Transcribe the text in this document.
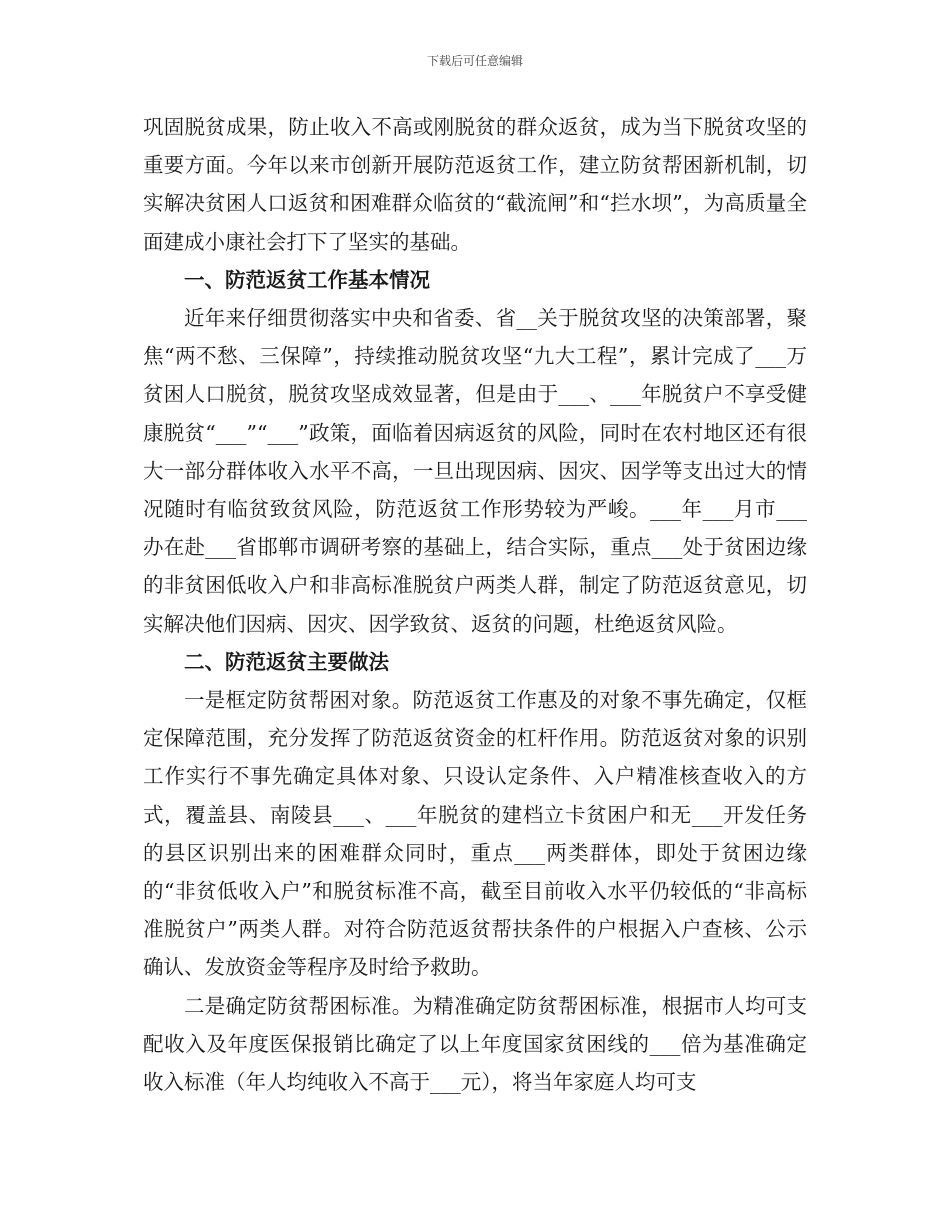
下载后可任意编辑

巩固脱贫成果，防止收入不高或刚脱贫的群众返贫，成为当下脱贫攻坚的重要方面。今年以来市创新开展防范返贫工作，建立防贫帮困新机制，切实解决贫困人口返贫和困难群众临贫的“截流闸”和“拦水坝”，为高质量全面建成小康社会打下了坚实的基础。

一、防范返贫工作基本情况

近年来仔细贯彻落实中央和省委、省__关于脱贫攻坚的决策部署，聚焦“两不愁、三保障”，持续推动脱贫攻坚“九大工程”，累计完成了___万贫困人口脱贫，脱贫攻坚成效显著，但是由于___、___年脱贫户不享受健康脱贫“___”“___”政策，面临着因病返贫的风险，同时在农村地区还有很大一部分群体收入水平不高，一旦出现因病、因灾、因学等支出过大的情况随时有临贫致贫风险，防范返贫工作形势较为严峻。___年___月市___办在赴___省邯郸市调研考察的基础上，结合实际，重点___处于贫困边缘的非贫困低收入户和非高标准脱贫户两类人群，制定了防范返贫意见，切实解决他们因病、因灾、因学致贫、返贫的问题，杜绝返贫风险。

二、防范返贫主要做法

一是框定防贫帮困对象。防范返贫工作惠及的对象不事先确定，仅框定保障范围，充分发挥了防范返贫资金的杠杆作用。防范返贫对象的识别工作实行不事先确定具体对象、只设认定条件、入户精准核查收入的方式，覆盖县、南陵县___、___年脱贫的建档立卡贫困户和无___开发任务的县区识别出来的困难群众同时，重点___两类群体，即处于贫困边缘的“非贫低收入户”和脱贫标准不高，截至目前收入水平仍较低的“非高标准脱贫户”两类人群。对符合防范返贫帮扶条件的户根据入户查核、公示确认、发放资金等程序及时给予救助。

二是确定防贫帮困标准。为精准确定防贫帮困标准，根据市人均可支配收入及年度医保报销比确定了以上年度国家贫困线的___倍为基准确定收入标准（年人均纯收入不高于___元），将当年家庭人均可支
